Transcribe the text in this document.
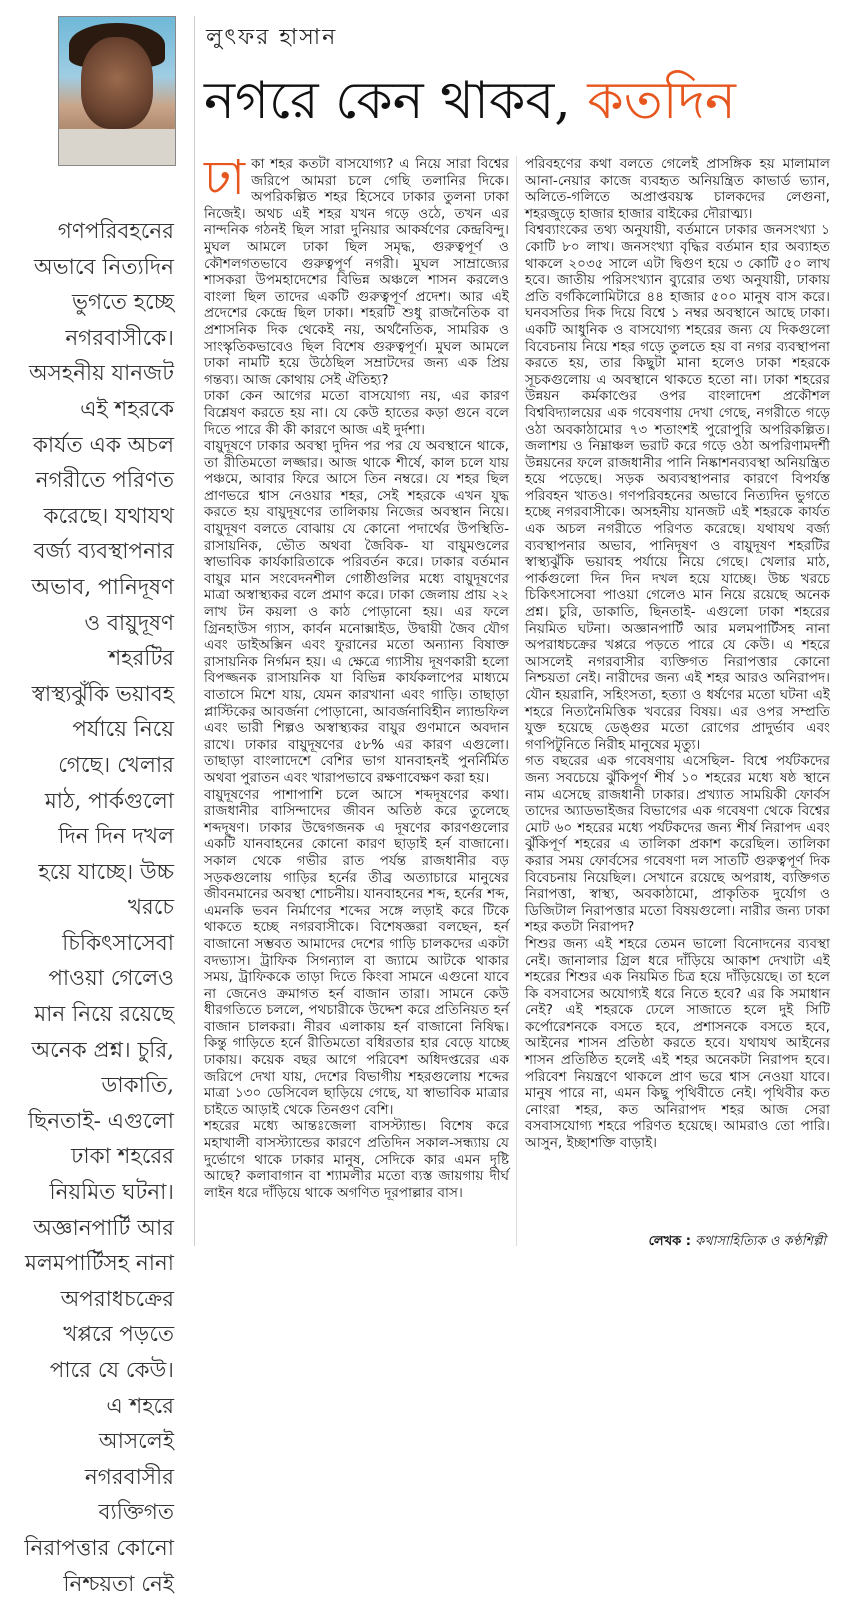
লুৎফর হাসান
নগরে কেন থাকব, কতদিন
গণপরিবহনের
অভাবে নিত্যদিন
ভুগতে হচ্ছে
নগরবাসীকে।
অসহনীয় যানজট
এই শহরকে
কার্যত এক অচল
নগরীতে পরিণত
করেছে। যথাযথ
বর্জ্য ব্যবস্থাপনার
অভাব, পানিদূষণ
ও বায়ুদূষণ
শহরটির
স্বাস্থ্যঝুঁকি ভয়াবহ
পর্যায়ে নিয়ে
গেছে। খেলার
মাঠ, পার্কগুলো
দিন দিন দখল
হয়ে যাচ্ছে। উচ্চ
খরচে
চিকিৎসাসেবা
পাওয়া গেলেও
মান নিয়ে রয়েছে
অনেক প্রশ্ন। চুরি,
ডাকাতি,
ছিনতাই- এগুলো
ঢাকা শহরের
নিয়মিত ঘটনা।
অজ্ঞানপার্টি আর
মলমপার্টিসহ নানা
অপরাধচক্রের
খপ্পরে পড়তে
পারে যে কেউ।
এ শহরে
আসলেই
নগরবাসীর
ব্যক্তিগত
নিরাপত্তার কোনো
নিশ্চয়তা নেই

ঢাকা শহর কতটা বাসযোগ্য? এ নিয়ে সারা বিশ্বের জরিপে আমরা চলে গেছি তলানির দিকে। অপরিকল্পিত শহর হিসেবে ঢাকার তুলনা ঢাকা নিজেই। অথচ এই শহর যখন গড়ে ওঠে, তখন এর নান্দনিক গঠনই ছিল সারা দুনিয়ার আকর্ষণের কেন্দ্রবিন্দু। মুঘল আমলে ঢাকা ছিল সমৃদ্ধ, গুরুত্বপূর্ণ ও কৌশলগতভাবে গুরুত্বপূর্ণ নগরী। মুঘল সাম্রাজ্যের শাসকরা উপমহাদেশের বিভিন্ন অঞ্চলে শাসন করলেও বাংলা ছিল তাদের একটি গুরুত্বপূর্ণ প্রদেশ। আর এই প্রদেশের কেন্দ্রে ছিল ঢাকা। শহরটি শুধু রাজনৈতিক বা প্রশাসনিক দিক থেকেই নয়, অর্থনৈতিক, সামরিক ও সাংস্কৃতিকভাবেও ছিল বিশেষ গুরুত্বপূর্ণ। মুঘল আমলে ঢাকা নামটি হয়ে উঠেছিল সম্রাটদের জন্য এক প্রিয় গন্তব্য। আজ কোথায় সেই ঐতিহ্য?

ঢাকা কেন আগের মতো বাসযোগ্য নয়, এর কারণ বিশ্লেষণ করতে হয় না। যে কেউ হাতের কড়া গুনে বলে দিতে পারে কী কী কারণে আজ এই দুর্দশা।

বায়ুদূষণে ঢাকার অবস্থা দুদিন পর পর যে অবস্থানে থাকে, তা রীতিমতো লজ্জার। আজ থাকে শীর্ষে, কাল চলে যায় পঞ্চমে, আবার ফিরে আসে তিন নম্বরে। যে শহর ছিল প্রাণভরে শ্বাস নেওয়ার শহর, সেই শহরকে এখন যুদ্ধ করতে হয় বায়ুদূষণের তালিকায় নিজের অবস্থান নিয়ে। বায়ুদূষণ বলতে বোঝায় যে কোনো পদার্থের উপস্থিতি- রাসায়নিক, ভৌত অথবা জৈবিক- যা বায়ুমণ্ডলের স্বাভাবিক কার্যকারিতাকে পরিবর্তন করে। ঢাকার বর্তমান বায়ুর মান সংবেদনশীল গোষ্ঠীগুলির মধ্যে বায়ুদূষণের মাত্রা অস্বাস্থ্যকর বলে প্রমাণ করে। ঢাকা জেলায় প্রায় ২২ লাখ টন কয়লা ও কাঠ পোড়ানো হয়। এর ফলে গ্রিনহাউস গ্যাস, কার্বন মনোক্সাইড, উদ্বায়ী জৈব যৌগ এবং ডাইঅক্সিন এবং ফুরানের মতো অন্যান্য বিষাক্ত রাসায়নিক নির্গমন হয়। এ ক্ষেত্রে গ্যাসীয় দূষণকারী হলো বিপজ্জনক রাসায়নিক যা বিভিন্ন কার্যকলাপের মাধ্যমে বাতাসে মিশে যায়, যেমন কারখানা এবং গাড়ি। তাছাড়া প্লাস্টিকের আবর্জনা পোড়ানো, আবর্জনাবিহীন ল্যান্ডফিল এবং ভারী শিল্পও অস্বাস্থ্যকর বায়ুর গুণমানে অবদান রাখে। ঢাকার বায়ুদূষণের ৫৮% এর কারণ এগুলো। তাছাড়া বাংলাদেশে বেশির ভাগ যানবাহনই পুনর্নির্মিত অথবা পুরাতন এবং খারাপভাবে রক্ষণাবেক্ষণ করা হয়।

বায়ুদূষণের পাশাপাশি চলে আসে শব্দদূষণের কথা। রাজধানীর বাসিন্দাদের জীবন অতিষ্ঠ করে তুলেছে শব্দদূষণ। ঢাকার উদ্বেগজনক এ দূষণের কারণগুলোর একটি যানবাহনের কোনো কারণ ছাড়াই হর্ন বাজানো। সকাল থেকে গভীর রাত পর্যন্ত রাজধানীর বড় সড়কগুলোয় গাড়ির হর্নের তীব্র অত্যাচারে মানুষের জীবনমানের অবস্থা শোচনীয়। যানবাহনের শব্দ, হর্নের শব্দ, এমনকি ভবন নির্মাণের শব্দের সঙ্গে লড়াই করে টিকে থাকতে হচ্ছে নগরবাসীকে। বিশেষজ্ঞরা বলছেন, হর্ন বাজানো সম্ভবত আমাদের দেশের গাড়ি চালকদের একটা বদভ্যাস। ট্রাফিক সিগন্যাল বা জ্যামে আটকে থাকার সময়, ট্রাফিককে তাড়া দিতে কিংবা সামনে এগুনো যাবে না জেনেও ক্রমাগত হর্ন বাজান তারা। সামনে কেউ ধীরগতিতে চললে, পথচারীকে উদ্দেশ করে প্রতিনিয়ত হর্ন বাজান চালকরা। নীরব এলাকায় হর্ন বাজানো নিষিদ্ধ। কিন্তু গাড়িতে হর্নে রীতিমতো বধিরতার হার বেড়ে যাচ্ছে ঢাকায়। কয়েক বছর আগে পরিবেশ অধিদপ্তরের এক জরিপে দেখা যায়, দেশের বিভাগীয় শহরগুলোয় শব্দের মাত্রা ১৩০ ডেসিবেল ছাড়িয়ে গেছে, যা স্বাভাবিক মাত্রার চাইতে আড়াই থেকে তিনগুণ বেশি।

শহরের মধ্যে আন্তঃজেলা বাসস্ট্যান্ড। বিশেষ করে মহাখালী বাসস্ট্যান্ডের কারণে প্রতিদিন সকাল-সন্ধ্যায় যে দুর্ভোগে থাকে ঢাকার মানুষ, সেদিকে কার এমন দৃষ্টি আছে? কলাবাগান বা শ্যামলীর মতো ব্যস্ত জায়গায় দীর্ঘ লাইন ধরে দাঁড়িয়ে থাকে অগণিত দূরপাল্লার বাস।

পরিবহণের কথা বলতে গেলেই প্রাসঙ্গিক হয় মালামাল আনা-নেয়ার কাজে ব্যবহৃত অনিয়ন্ত্রিত কাভার্ড ভ্যান, অলিতে-গলিতে অপ্রাপ্তবয়স্ক চালকদের লেগুনা, শহরজুড়ে হাজার হাজার বাইকের দৌরাত্ম্য।

বিশ্বব্যাংকের তথ্য অনুযায়ী, বর্তমানে ঢাকার জনসংখ্যা ১ কোটি ৮০ লাখ। জনসংখ্যা বৃদ্ধির বর্তমান হার অব্যাহত থাকলে ২০৩৫ সালে এটা দ্বিগুণ হয়ে ৩ কোটি ৫০ লাখ হবে। জাতীয় পরিসংখ্যান ব্যুরোর তথ্য অনুযায়ী, ঢাকায় প্রতি বর্গকিলোমিটারে ৪৪ হাজার ৫০০ মানুষ বাস করে। ঘনবসতির দিক দিয়ে বিশ্বে ১ নম্বর অবস্থানে আছে ঢাকা। একটি আধুনিক ও বাসযোগ্য শহরের জন্য যে দিকগুলো বিবেচনায় নিয়ে শহর গড়ে তুলতে হয় বা নগর ব্যবস্থাপনা করতে হয়, তার কিছুটা মানা হলেও ঢাকা শহরকে সূচকগুলোয় এ অবস্থানে থাকতে হতো না। ঢাকা শহরের উন্নয়ন কর্মকাণ্ডের ওপর বাংলাদেশ প্রকৌশল বিশ্ববিদ্যালয়ের এক গবেষণায় দেখা গেছে, নগরীতে গড়ে ওঠা অবকাঠামোর ৭৩ শতাংশই পুরোপুরি অপরিকল্পিত। জলাশয় ও নিম্নাঞ্চল ভরাট করে গড়ে ওঠা অপরিণামদর্শী উন্নয়নের ফলে রাজধানীর পানি নিষ্কাশনব্যবস্থা অনিয়ন্ত্রিত হয়ে পড়েছে। সড়ক অব্যবস্থাপনার কারণে বিপর্যস্ত পরিবহন খাতও। গণপরিবহনের অভাবে নিত্যদিন ভুগতে হচ্ছে নগরবাসীকে। অসহনীয় যানজট এই শহরকে কার্যত এক অচল নগরীতে পরিণত করেছে। যথাযথ বর্জ্য ব্যবস্থাপনার অভাব, পানিদূষণ ও বায়ুদূষণ শহরটির স্বাস্থ্যঝুঁকি ভয়াবহ পর্যায়ে নিয়ে গেছে। খেলার মাঠ, পার্কগুলো দিন দিন দখল হয়ে যাচ্ছে। উচ্চ খরচে চিকিৎসাসেবা পাওয়া গেলেও মান নিয়ে রয়েছে অনেক প্রশ্ন। চুরি, ডাকাতি, ছিনতাই- এগুলো ঢাকা শহরের নিয়মিত ঘটনা। অজ্ঞানপার্টি আর মলমপার্টিসহ নানা অপরাধচক্রের খপ্পরে পড়তে পারে যে কেউ। এ শহরে আসলেই নগরবাসীর ব্যক্তিগত নিরাপত্তার কোনো নিশ্চয়তা নেই। নারীদের জন্য এই শহর আরও অনিরাপদ। যৌন হয়রানি, সহিংসতা, হত্যা ও ধর্ষণের মতো ঘটনা এই শহরে নিত্যনৈমিত্তিক খবরের বিষয়। এর ওপর সম্প্রতি যুক্ত হয়েছে ডেঙ্গুর মতো রোগের প্রাদুর্ভাব এবং গণপিটুনিতে নিরীহ মানুষের মৃত্যু।

গত বছরের এক গবেষণায় এসেছিল- বিশ্বে পর্যটকদের জন্য সবচেয়ে ঝুঁকিপূর্ণ শীর্ষ ১০ শহরের মধ্যে ষষ্ঠ স্থানে নাম এসেছে রাজধানী ঢাকার। প্রখ্যাত সাময়িকী ফোর্বস তাদের অ্যাডভাইজর বিভাগের এক গবেষণা থেকে বিশ্বের মোট ৬০ শহরের মধ্যে পর্যটকদের জন্য শীর্ষ নিরাপদ এবং ঝুঁকিপূর্ণ শহরের এ তালিকা প্রকাশ করেছিল। তালিকা করার সময় ফোর্বসের গবেষণা দল সাতটি গুরুত্বপূর্ণ দিক বিবেচনায় নিয়েছিল। সেখানে রয়েছে অপরাধ, ব্যক্তিগত নিরাপত্তা, স্বাস্থ্য, অবকাঠামো, প্রাকৃতিক দুর্যোগ ও ডিজিটাল নিরাপত্তার মতো বিষয়গুলো। নারীর জন্য ঢাকা শহর কতটা নিরাপদ?

শিশুর জন্য এই শহরে তেমন ভালো বিনোদনের ব্যবস্থা নেই। জানালার গ্রিল ধরে দাঁড়িয়ে আকাশ দেখাটা এই শহরের শিশুর এক নিয়মিত চিত্র হয়ে দাঁড়িয়েছে। তা হলে কি বসবাসের অযোগ্যই ধরে নিতে হবে? এর কি সমাধান নেই? এই শহরকে ঢেলে সাজাতে হলে দুই সিটি কর্পোরেশনকে বসতে হবে, প্রশাসনকে বসতে হবে, আইনের শাসন প্রতিষ্ঠা করতে হবে। যথাযথ আইনের শাসন প্রতিষ্ঠিত হলেই এই শহর অনেকটা নিরাপদ হবে। পরিবেশ নিয়ন্ত্রণে থাকলে প্রাণ ভরে শ্বাস নেওয়া যাবে। মানুষ পারে না, এমন কিছু পৃথিবীতে নেই। পৃথিবীর কত নোংরা শহর, কত অনিরাপদ শহর আজ সেরা বসবাসযোগ্য শহরে পরিণত হয়েছে। আমরাও তো পারি। আসুন, ইচ্ছাশক্তি বাড়াই।

লেখক : কথাসাহিত্যিক ও কণ্ঠশিল্পী
